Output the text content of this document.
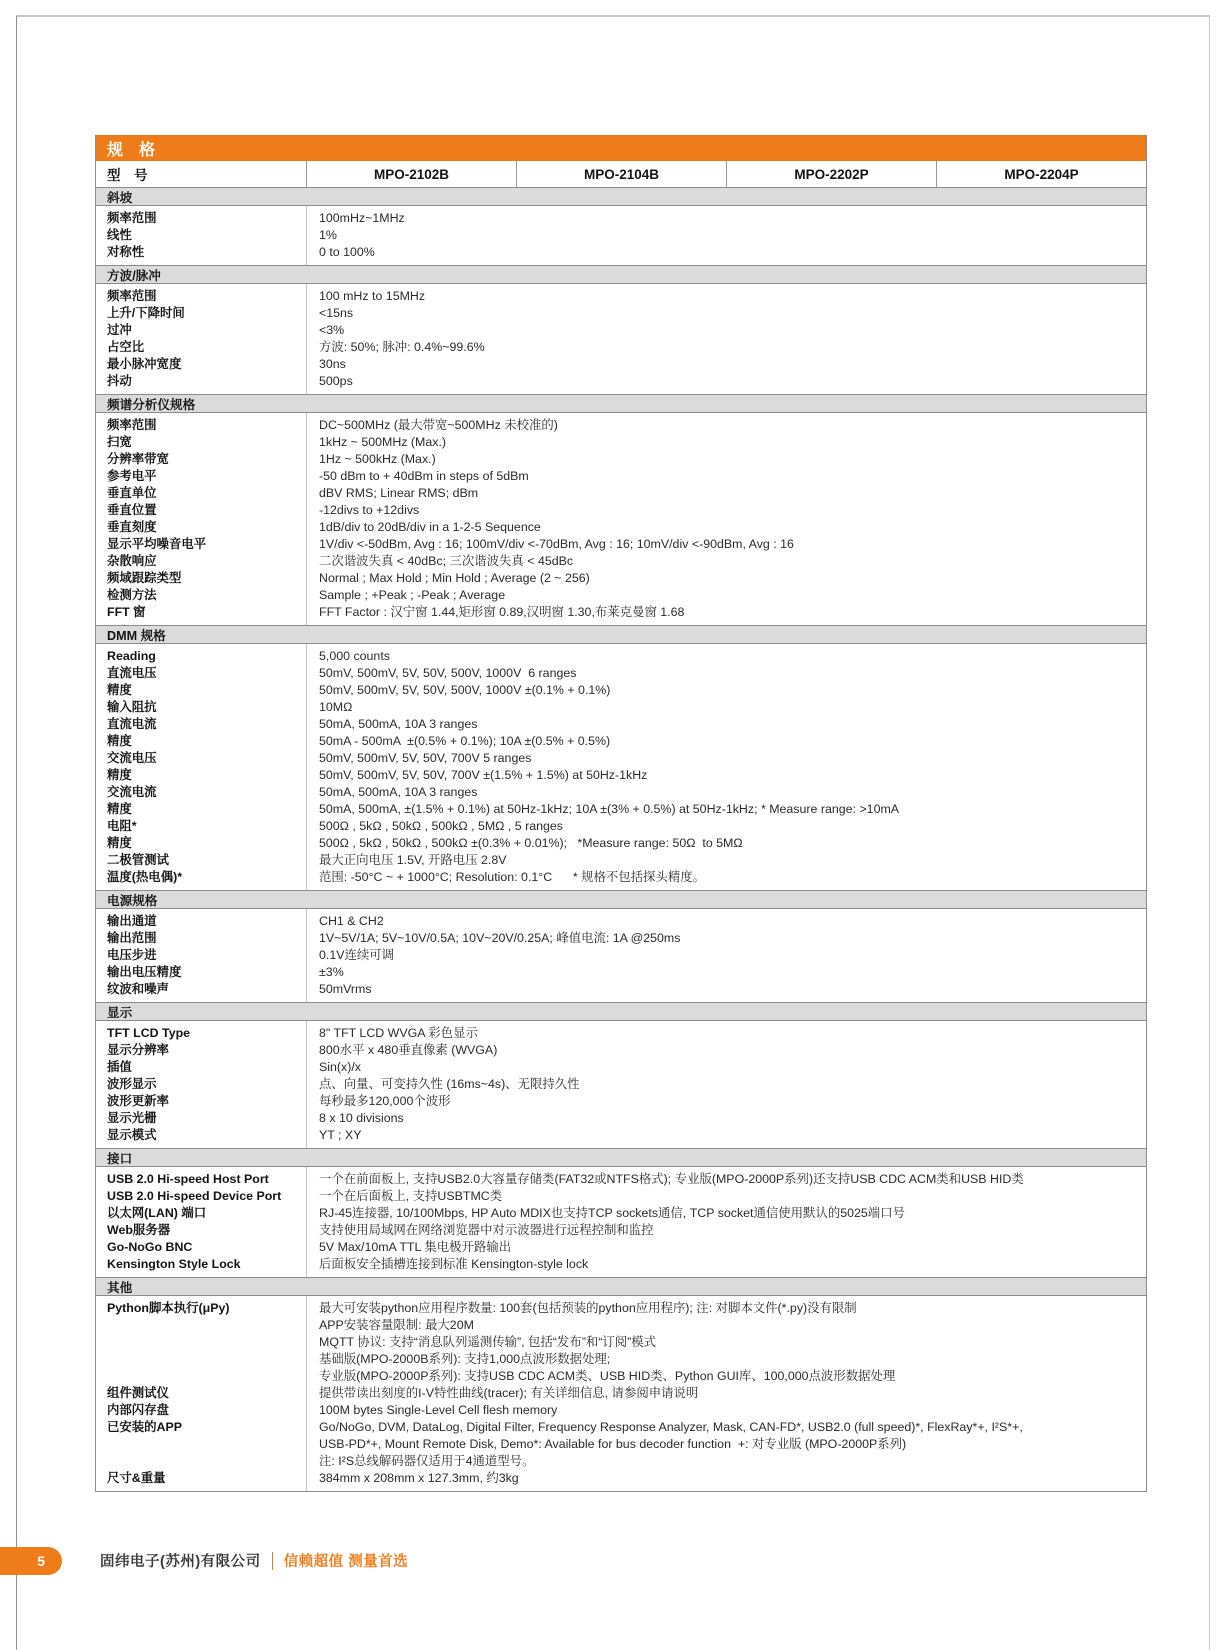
规　格
型　号	MPO-2102B	MPO-2104B	MPO-2202P	MPO-2204P
斜坡
频率范围	100mHz~1MHz
线性	1%
对称性	0 to 100%
方波/脉冲
频率范围	100 mHz to 15MHz
上升/下降时间	<15ns
过冲	<3%
占空比	方波: 50%; 脉冲: 0.4%~99.6%
最小脉冲宽度	30ns
抖动	500ps
频谱分析仪规格
频率范围	DC~500MHz (最大带宽~500MHz 未校准的)
扫宽	1kHz ~ 500MHz (Max.)
分辨率带宽	1Hz ~ 500kHz (Max.)
参考电平	-50 dBm to + 40dBm in steps of 5dBm
垂直单位	dBV RMS; Linear RMS; dBm
垂直位置	-12divs to +12divs
垂直刻度	1dB/div to 20dB/div in a 1-2-5 Sequence
显示平均噪音电平	1V/div <-50dBm, Avg : 16; 100mV/div <-70dBm, Avg : 16; 10mV/div <-90dBm, Avg : 16
杂散响应	二次谐波失真 < 40dBc; 三次谐波失真 < 45dBc
频域跟踪类型	Normal ; Max Hold ; Min Hold ; Average (2 ~ 256)
检测方法	Sample ; +Peak ; -Peak ; Average
FFT 窗	FFT Factor : 汉宁窗 1.44,矩形窗 0.89,汉明窗 1.30,布莱克曼窗 1.68
DMM 规格
Reading	5,000 counts
直流电压	50mV, 500mV, 5V, 50V, 500V, 1000V  6 ranges
精度	50mV, 500mV, 5V, 50V, 500V, 1000V ±(0.1% + 0.1%)
输入阻抗	10MΩ
直流电流	50mA, 500mA, 10A 3 ranges
精度	50mA - 500mA  ±(0.5% + 0.1%); 10A ±(0.5% + 0.5%)
交流电压	50mV, 500mV, 5V, 50V, 700V 5 ranges
精度	50mV, 500mV, 5V, 50V, 700V ±(1.5% + 1.5%) at 50Hz-1kHz
交流电流	50mA, 500mA, 10A 3 ranges
精度	50mA, 500mA, ±(1.5% + 0.1%) at 50Hz-1kHz; 10A ±(3% + 0.5%) at 50Hz-1kHz; * Measure range: >10mA
电阻*	500Ω , 5kΩ , 50kΩ , 500kΩ , 5MΩ , 5 ranges
精度	500Ω , 5kΩ , 50kΩ , 500kΩ ±(0.3% + 0.01%);   *Measure range: 50Ω  to 5MΩ
二极管测试	最大正向电压 1.5V, 开路电压 2.8V
温度(热电偶)*	范围: -50°C ~ + 1000°C; Resolution: 0.1°C      * 规格不包括探头精度。
电源规格
输出通道	CH1 & CH2
输出范围	1V~5V/1A; 5V~10V/0.5A; 10V~20V/0.25A; 峰值电流: 1A @250ms
电压步进	0.1V连续可调
输出电压精度	±3%
纹波和噪声	50mVrms
显示
TFT LCD Type	8" TFT LCD WVGA 彩色显示
显示分辨率	800水平 x 480垂直像素 (WVGA)
插值	Sin(x)/x
波形显示	点、向量、可变持久性 (16ms~4s)、无限持久性
波形更新率	每秒最多120,000个波形
显示光栅	8 x 10 divisions
显示模式	YT ; XY
接口
USB 2.0 Hi-speed Host Port	一个在前面板上, 支持USB2.0大容量存储类(FAT32或NTFS格式); 专业版(MPO-2000P系列)还支持USB CDC ACM类和USB HID类
USB 2.0 Hi-speed Device Port	一个在后面板上, 支持USBTMC类
以太网(LAN) 端口	RJ-45连接器, 10/100Mbps, HP Auto MDIX也支持TCP sockets通信, TCP socket通信使用默认的5025端口号
Web服务器	支持使用局域网在网络浏览器中对示波器进行远程控制和监控
Go-NoGo BNC	5V Max/10mA TTL 集电极开路输出
Kensington Style Lock	后面板安全插槽连接到标准 Kensington-style lock
其他
Python脚本执行(μPy)	最大可安装python应用程序数量: 100套(包括预装的python应用程序); 注: 对脚本文件(*.py)没有限制
APP安装容量限制: 最大20M
MQTT 协议: 支持“消息队列遥测传输”, 包括“发布”和“订阅”模式
基础版(MPO-2000B系列): 支持1,000点波形数据处理;
专业版(MPO-2000P系列): 支持USB CDC ACM类、USB HID类、Python GUI库、100,000点波形数据处理
组件测试仪	提供带读出刻度的I-V特性曲线(tracer); 有关详细信息, 请参阅申请说明
内部闪存盘	100M bytes Single-Level Cell flesh memory
已安装的APP	Go/NoGo, DVM, DataLog, Digital Filter, Frequency Response Analyzer, Mask, CAN-FD*, USB2.0 (full speed)*, FlexRay*+, I²S*+,
USB-PD*+, Mount Remote Disk, Demo*: Available for bus decoder function  +: 对专业版 (MPO-2000P系列)
注: I²S总线解码器仅适用于4通道型号。
尺寸&重量	384mm x 208mm x 127.3mm, 约3kg
5	固纬电子(苏州)有限公司 信赖超值 测量首选
